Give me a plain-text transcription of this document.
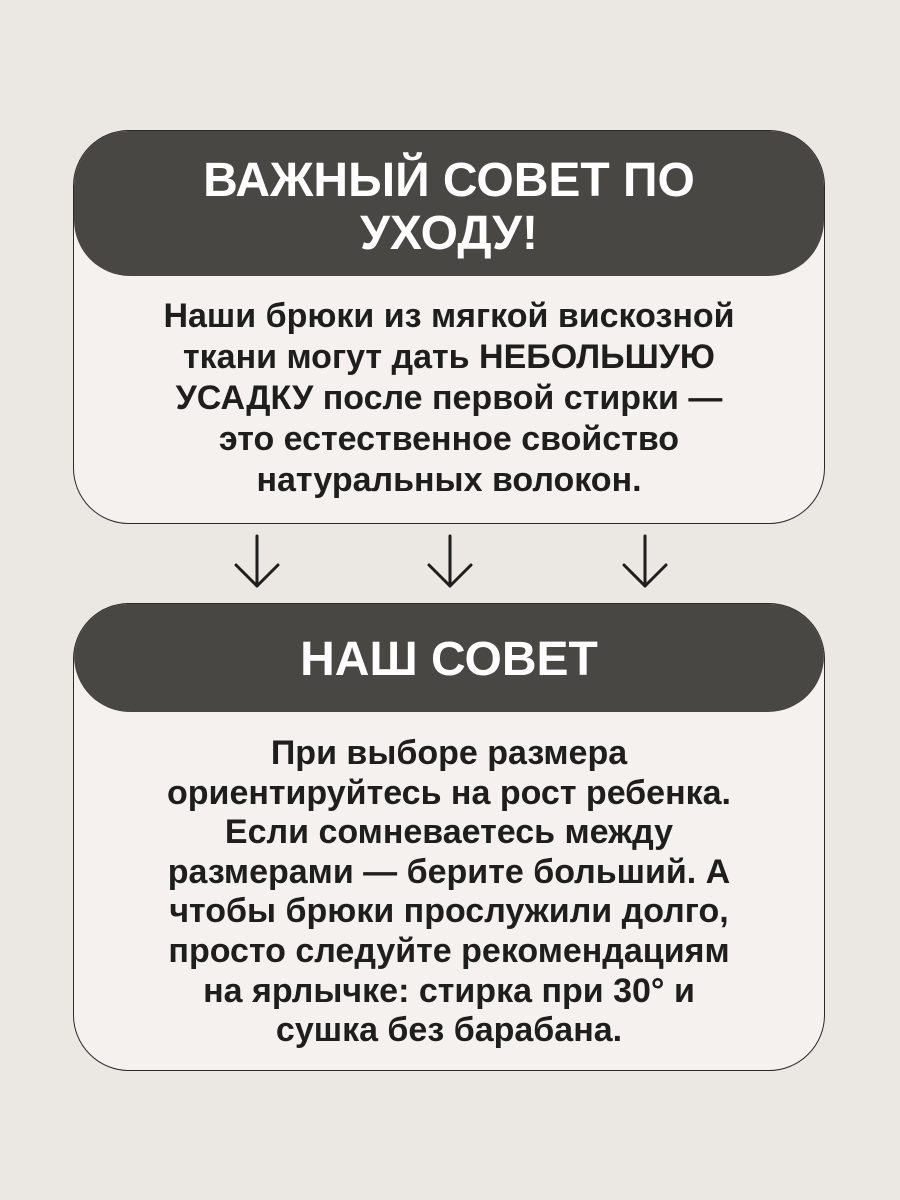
ВАЖНЫЙ СОВЕТ ПО
УХОДУ!
Наши брюки из мягкой вискозной
ткани могут дать НЕБОЛЬШУЮ
УСАДКУ после первой стирки —
это естественное свойство
натуральных волокон.
НАШ СОВЕТ
При выборе размера
ориентируйтесь на рост ребенка.
Если сомневаетесь между
размерами — берите больший. А
чтобы брюки прослужили долго,
просто следуйте рекомендациям
на ярлычке: стирка при 30° и
сушка без барабана.
